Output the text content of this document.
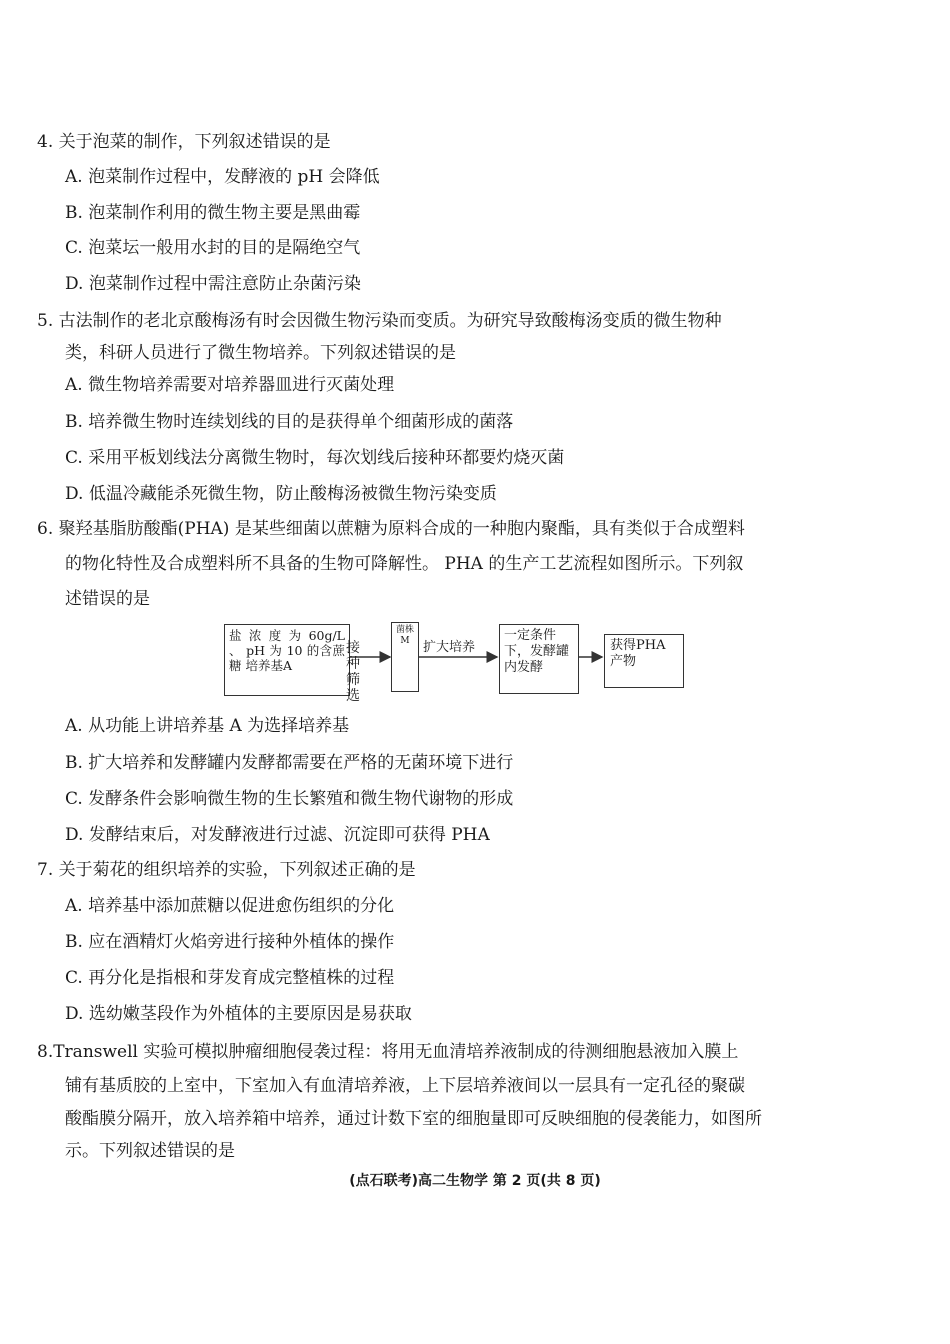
4. 关于泡菜的制作，下列叙述错误的是
A. 泡菜制作过程中，发酵液的 pH 会降低
B. 泡菜制作利用的微生物主要是黑曲霉
C. 泡菜坛一般用水封的目的是隔绝空气
D. 泡菜制作过程中需注意防止杂菌污染
5. 古法制作的老北京酸梅汤有时会因微生物污染而变质。为研究导致酸梅汤变质的微生物种
类，科研人员进行了微生物培养。下列叙述错误的是
A. 微生物培养需要对培养器皿进行灭菌处理
B. 培养微生物时连续划线的目的是获得单个细菌形成的菌落
C. 采用平板划线法分离微生物时，每次划线后接种环都要灼烧灭菌
D. 低温冷藏能杀死微生物，防止酸梅汤被微生物污染变质
6. 聚羟基脂肪酸酯(PHA) 是某些细菌以蔗糖为原料合成的一种胞内聚酯，具有类似于合成塑料
的物化特性及合成塑料所不具备的生物可降解性。 PHA 的生产工艺流程如图所示。下列叙
述错误的是
盐 浓 度 为 60g/L 、 pH 为 10 的含蔗 糖 培养基A
接种筛选
菌株M	扩大培养
一定条件下，发酵罐内发酵
获得PHA产物
A. 从功能上讲培养基 A 为选择培养基
B. 扩大培养和发酵罐内发酵都需要在严格的无菌环境下进行
C. 发酵条件会影响微生物的生长繁殖和微生物代谢物的形成
D. 发酵结束后，对发酵液进行过滤、沉淀即可获得 PHA
7. 关于菊花的组织培养的实验，下列叙述正确的是
A. 培养基中添加蔗糖以促进愈伤组织的分化
B. 应在酒精灯火焰旁进行接种外植体的操作
C. 再分化是指根和芽发育成完整植株的过程
D. 选幼嫩茎段作为外植体的主要原因是易获取
8.Transwell 实验可模拟肿瘤细胞侵袭过程：将用无血清培养液制成的待测细胞悬液加入膜上
铺有基质胶的上室中，下室加入有血清培养液，上下层培养液间以一层具有一定孔径的聚碳
酸酯膜分隔开，放入培养箱中培养，通过计数下室的细胞量即可反映细胞的侵袭能力，如图所
示。下列叙述错误的是
(点石联考)高二生物学 第 2 页(共 8 页)
